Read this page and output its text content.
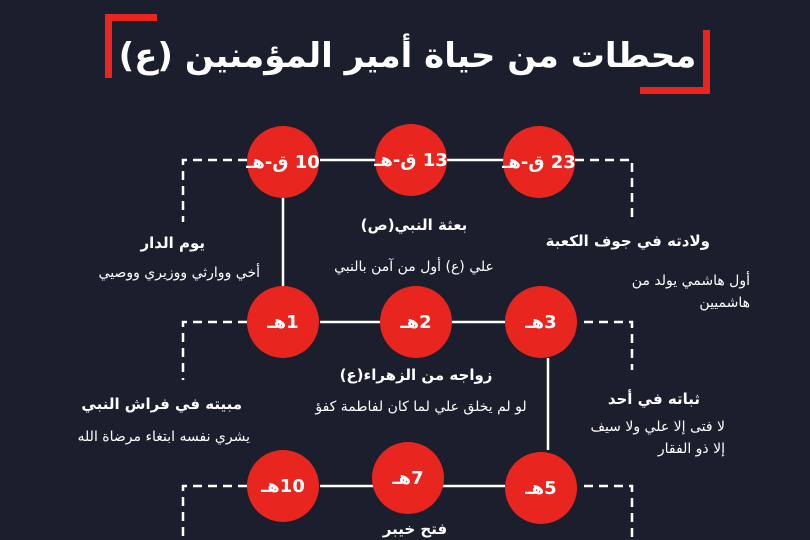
محطات من حياة أمير المؤمنين (ع)
23 ق-هـ
13 ق-هـ
10 ق-هـ
3هـ
2هـ
1هـ
5هـ
7هـ
10هـ
ولادته في جوف الكعبة
أول هاشمي يولد من هاشميين
بعثة النبي(ص)
علي (ع) أول من آمن بالنبي
يوم الدار
أخي ووارثي ووزيري ووصيي
ثباته في أحد
لا فتى إلا علي ولا سيف إلا ذو الفقار
زواجه من الزهراء(ع)
لو لم يخلق علي لما كان لفاطمة كفؤ
مبيته في فراش النبي
يشري نفسه ابتغاء مرضاة الله
فتح خيبر
